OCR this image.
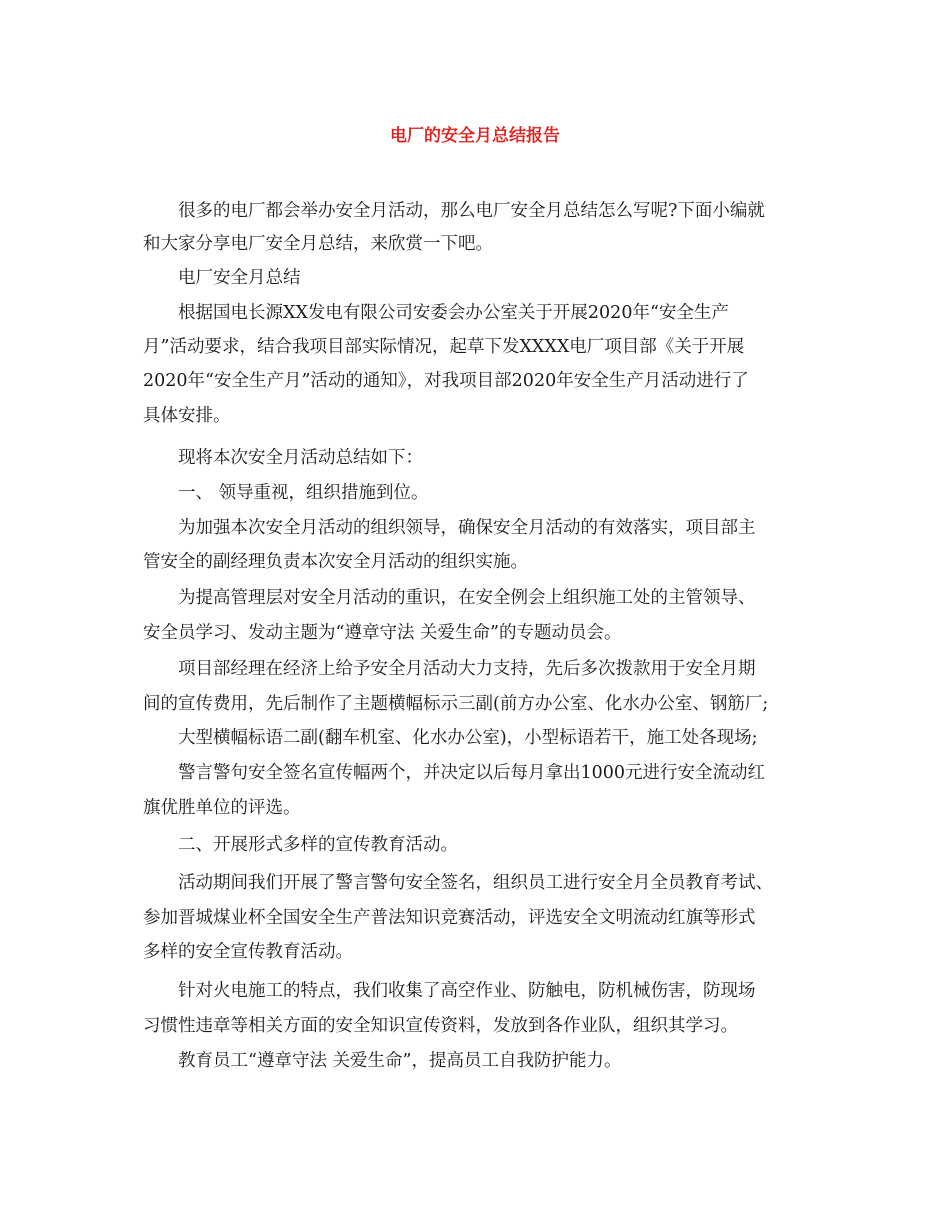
电厂的安全月总结报告

很多的电厂都会举办安全月活动，那么电厂安全月总结怎么写呢?下面小编就

和大家分享电厂安全月总结，来欣赏一下吧。

电厂安全月总结

根据国电长源XX发电有限公司安委会办公室关于开展2020年“安全生产

月”活动要求，结合我项目部实际情况，起草下发XXXX电厂项目部《关于开展

2020年“安全生产月”活动的通知》，对我项目部2020年安全生产月活动进行了

具体安排。

现将本次安全月活动总结如下：

一、 领导重视，组织措施到位。

为加强本次安全月活动的组织领导，确保安全月活动的有效落实，项目部主

管安全的副经理负责本次安全月活动的组织实施。

为提高管理层对安全月活动的重识，在安全例会上组织施工处的主管领导、

安全员学习、发动主题为“遵章守法 关爱生命”的专题动员会。

项目部经理在经济上给予安全月活动大力支持，先后多次拨款用于安全月期

间的宣传费用，先后制作了主题横幅标示三副(前方办公室、化水办公室、钢筋厂;

大型横幅标语二副(翻车机室、化水办公室)，小型标语若干，施工处各现场;

警言警句安全签名宣传幅两个，并决定以后每月拿出1000元进行安全流动红

旗优胜单位的评选。

二、开展形式多样的宣传教育活动。

活动期间我们开展了警言警句安全签名，组织员工进行安全月全员教育考试、

参加晋城煤业杯全国安全生产普法知识竞赛活动，评选安全文明流动红旗等形式

多样的安全宣传教育活动。

针对火电施工的特点，我们收集了高空作业、防触电，防机械伤害，防现场

习惯性违章等相关方面的安全知识宣传资料，发放到各作业队，组织其学习。

教育员工“遵章守法 关爱生命”，提高员工自我防护能力。
